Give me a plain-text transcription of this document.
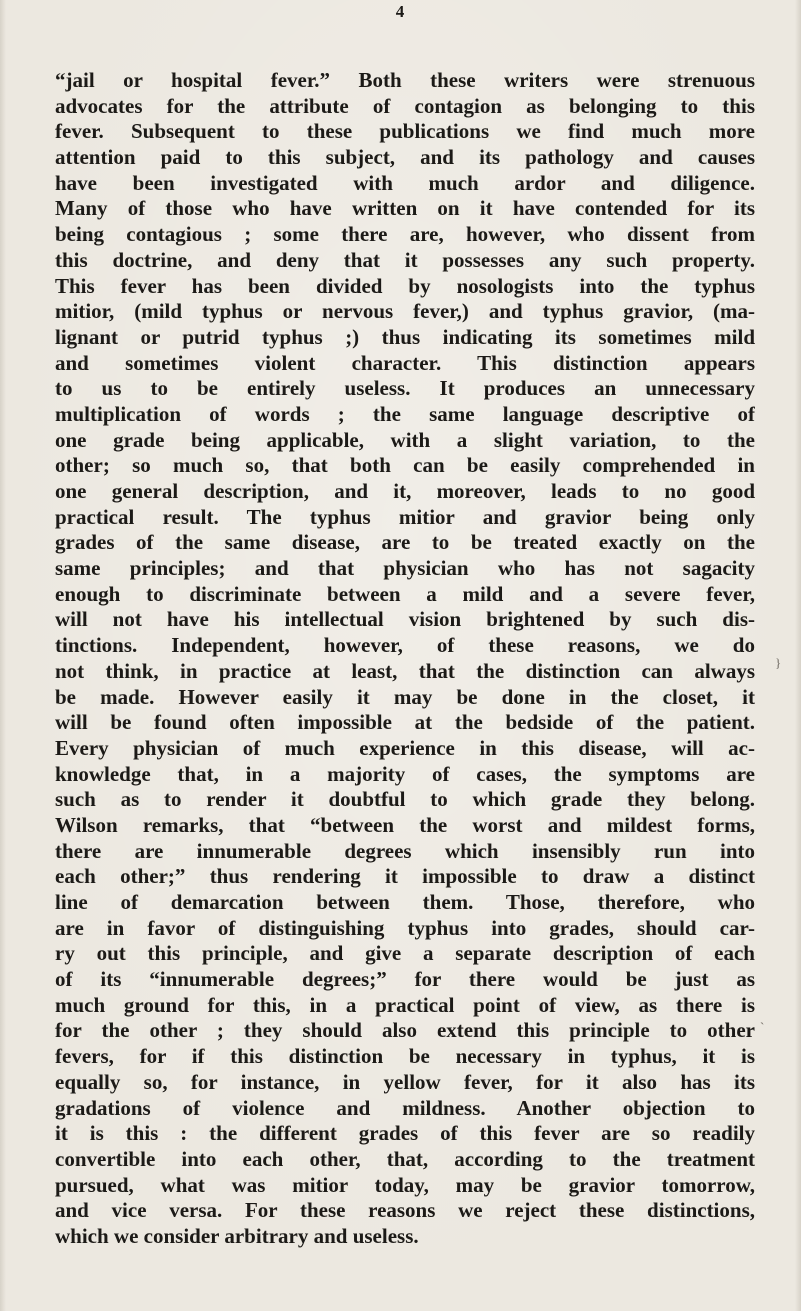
4
“jail or hospital fever.” Both these writers were strenuous
advocates for the attribute of contagion as belonging to this
fever. Subsequent to these publications we find much more
attention paid to this subject, and its pathology and causes
have been investigated with much ardor and diligence.
Many of those who have written on it have contended for its
being contagious ; some there are, however, who dissent from
this doctrine, and deny that it possesses any such property.
This fever has been divided by nosologists into the typhus
mitior, (mild typhus or nervous fever,) and typhus gravior, (ma-
lignant or putrid typhus ;) thus indicating its sometimes mild
and sometimes violent character. This distinction appears
to us to be entirely useless. It produces an unnecessary
multiplication of words ; the same language descriptive of
one grade being applicable, with a slight variation, to the
other; so much so, that both can be easily comprehended in
one general description, and it, moreover, leads to no good
practical result. The typhus mitior and gravior being only
grades of the same disease, are to be treated exactly on the
same principles; and that physician who has not sagacity
enough to discriminate between a mild and a severe fever,
will not have his intellectual vision brightened by such dis-
tinctions. Independent, however, of these reasons, we do
not think, in practice at least, that the distinction can always
be made. However easily it may be done in the closet, it
will be found often impossible at the bedside of the patient.
Every physician of much experience in this disease, will ac-
knowledge that, in a majority of cases, the symptoms are
such as to render it doubtful to which grade they belong.
Wilson remarks, that “between the worst and mildest forms,
there are innumerable degrees which insensibly run into
each other;” thus rendering it impossible to draw a distinct
line of demarcation between them. Those, therefore, who
are in favor of distinguishing typhus into grades, should car-
ry out this principle, and give a separate description of each
of its “innumerable degrees;” for there would be just as
much ground for this, in a practical point of view, as there is
for the other ; they should also extend this principle to other
fevers, for if this distinction be necessary in typhus, it is
equally so, for instance, in yellow fever, for it also has its
gradations of violence and mildness. Another objection to
it is this : the different grades of this fever are so readily
convertible into each other, that, according to the treatment
pursued, what was mitior today, may be gravior tomorrow,
and vice versa. For these reasons we reject these distinctions,
which we consider arbitrary and useless.
}
ˎ
